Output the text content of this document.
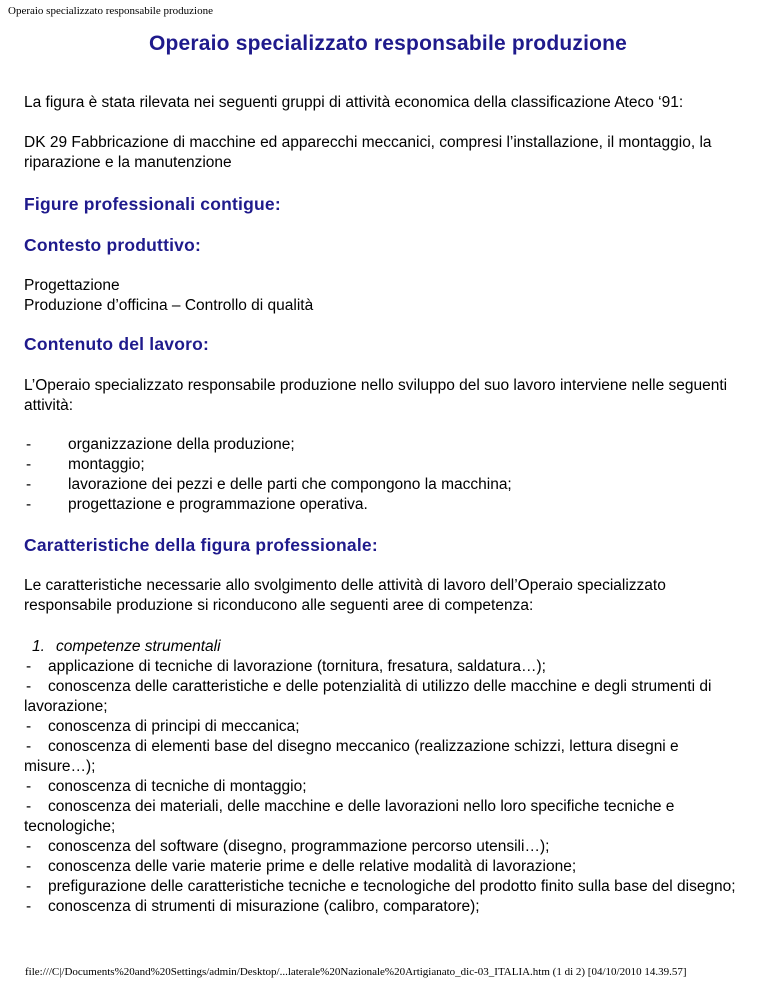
Operaio specializzato responsabile produzione
Operaio specializzato responsabile produzione

La figura è stata rilevata nei seguenti gruppi di attività economica della classificazione Ateco ‘91:

DK 29 Fabbricazione di macchine ed apparecchi meccanici, compresi l’installazione, il montaggio, la riparazione e la manutenzione

Figure professionali contigue:
Contesto produttivo:

Progettazione

Produzione d’officina – Controllo di qualità

Contenuto del lavoro:

L’Operaio specializzato responsabile produzione nello sviluppo del suo lavoro interviene nelle seguenti attività:

- organizzazione della produzione;
- montaggio;
- lavorazione dei pezzi e delle parti che compongono la macchina;
- progettazione e programmazione operativa.
Caratteristiche della figura professionale:

Le caratteristiche necessarie allo svolgimento delle attività di lavoro dell’Operaio specializzato responsabile produzione si riconducono alle seguenti aree di competenza:

1. competenze strumentali
- applicazione di tecniche di lavorazione (tornitura, fresatura, saldatura…);
- conoscenza delle caratteristiche e delle potenzialità di utilizzo delle macchine e degli strumenti di lavorazione;
- conoscenza di principi di meccanica;
- conoscenza di elementi base del disegno meccanico (realizzazione schizzi, lettura disegni e misure…);
- conoscenza di tecniche di montaggio;
- conoscenza dei materiali, delle macchine e delle lavorazioni nello loro specifiche tecniche e tecnologiche;
- conoscenza del software (disegno, programmazione percorso utensili…);
- conoscenza delle varie materie prime e delle relative modalità di lavorazione;
- prefigurazione delle caratteristiche tecniche e tecnologiche del prodotto finito sulla base del disegno;
- conoscenza di strumenti di misurazione (calibro, comparatore);
file:///C|/Documents%20and%20Settings/admin/Desktop/...laterale%20Nazionale%20Artigianato_dic-03_ITALIA.htm (1 di 2) [04/10/2010 14.39.57]
